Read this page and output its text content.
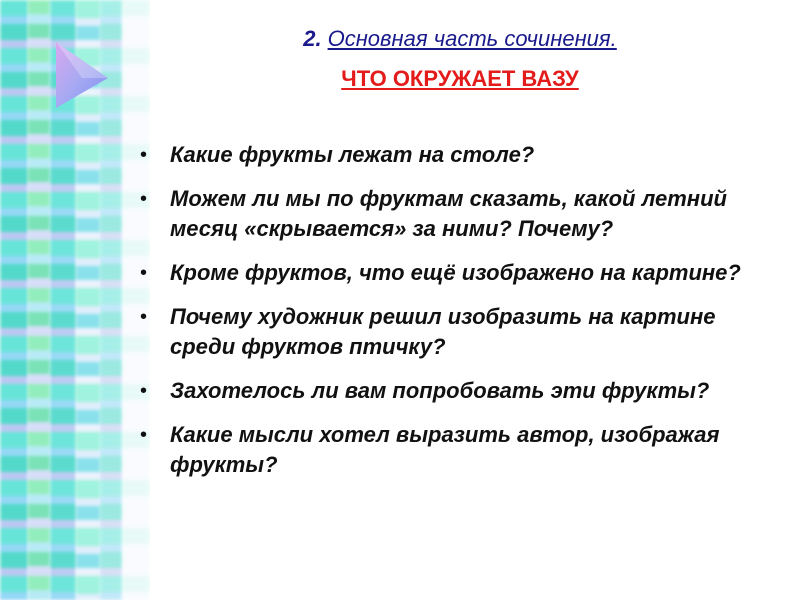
2. Основная часть сочинения.
ЧТО ОКРУЖАЕТ ВАЗУ
• Какие фрукты лежат на столе?
• Можем ли мы по фруктам сказать, какой летний месяц «скрывается» за ними? Почему?
• Кроме фруктов, что ещё изображено на картине?
• Почему художник решил изобразить на картине среди фруктов птичку?
• Захотелось ли вам попробовать эти фрукты?
• Какие мысли хотел выразить автор, изображая фрукты?
